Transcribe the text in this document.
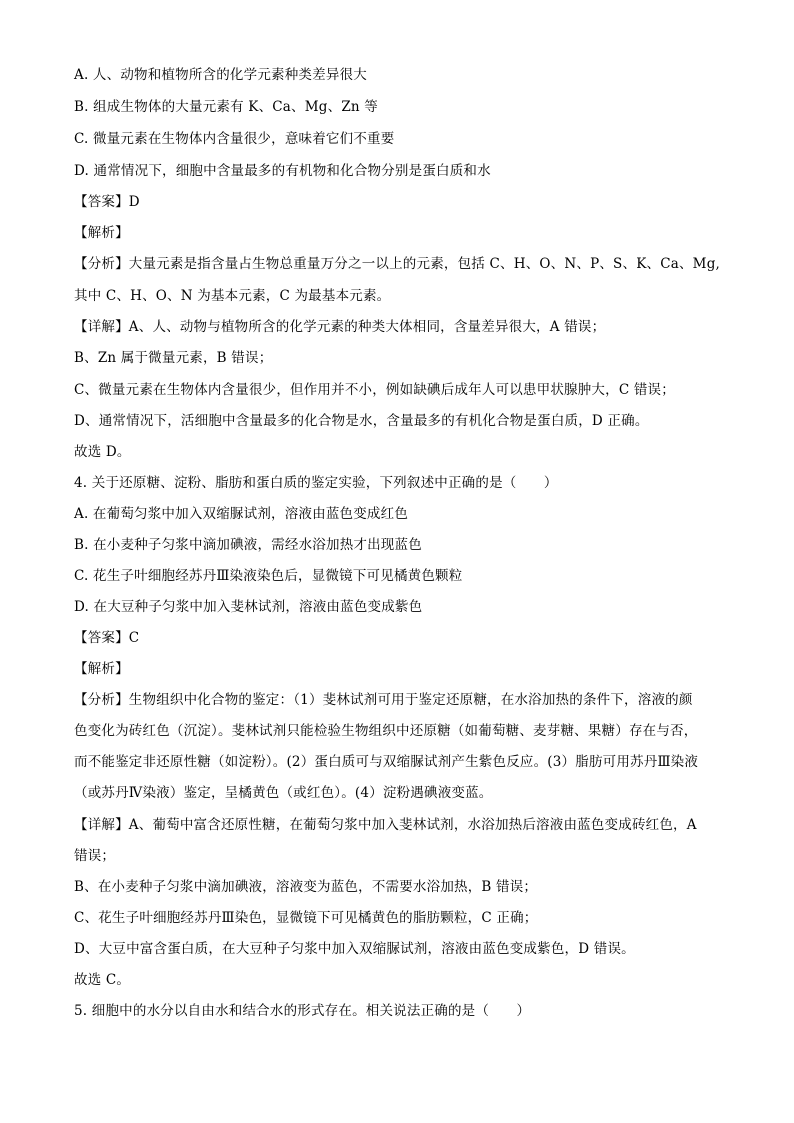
A. 人、动物和植物所含的化学元素种类差异很大
B. 组成生物体的大量元素有 K、Ca、Mg、Zn 等
C. 微量元素在生物体内含量很少，意味着它们不重要
D. 通常情况下，细胞中含量最多的有机物和化合物分别是蛋白质和水
【答案】D
【解析】
【分析】大量元素是指含量占生物总重量万分之一以上的元素，包括 C、H、O、N、P、S、K、Ca、Mg,
其中 C、H、O、N 为基本元素，C 为最基本元素。
【详解】A、人、动物与植物所含的化学元素的种类大体相同，含量差异很大，A 错误；
B、Zn 属于微量元素，B 错误；
C、微量元素在生物体内含量很少，但作用并不小，例如缺碘后成年人可以患甲状腺肿大，C 错误；
D、通常情况下，活细胞中含量最多的化合物是水，含量最多的有机化合物是蛋白质，D 正确。
故选 D。
4. 关于还原糖、淀粉、脂肪和蛋白质的鉴定实验，下列叙述中正确的是（　　）
A. 在葡萄匀浆中加入双缩脲试剂，溶液由蓝色变成红色
B. 在小麦种子匀浆中滴加碘液，需经水浴加热才出现蓝色
C. 花生子叶细胞经苏丹Ⅲ染液染色后，显微镜下可见橘黄色颗粒
D. 在大豆种子匀浆中加入斐林试剂，溶液由蓝色变成紫色
【答案】C
【解析】
【分析】生物组织中化合物的鉴定：（1）斐林试剂可用于鉴定还原糖，在水浴加热的条件下，溶液的颜
色变化为砖红色（沉淀）。斐林试剂只能检验生物组织中还原糖（如葡萄糖、麦芽糖、果糖）存在与否，
而不能鉴定非还原性糖（如淀粉）。(2）蛋白质可与双缩脲试剂产生紫色反应。(3）脂肪可用苏丹Ⅲ染液
（或苏丹Ⅳ染液）鉴定，呈橘黄色（或红色）。(4）淀粉遇碘液变蓝。
【详解】A、葡萄中富含还原性糖，在葡萄匀浆中加入斐林试剂，水浴加热后溶液由蓝色变成砖红色，A
错误；
B、在小麦种子匀浆中滴加碘液，溶液变为蓝色，不需要水浴加热，B 错误；
C、花生子叶细胞经苏丹Ⅲ染色，显微镜下可见橘黄色的脂肪颗粒，C 正确；
D、大豆中富含蛋白质，在大豆种子匀浆中加入双缩脲试剂，溶液由蓝色变成紫色，D 错误。
故选 C。
5. 细胞中的水分以自由水和结合水的形式存在。相关说法正确的是（　　）
